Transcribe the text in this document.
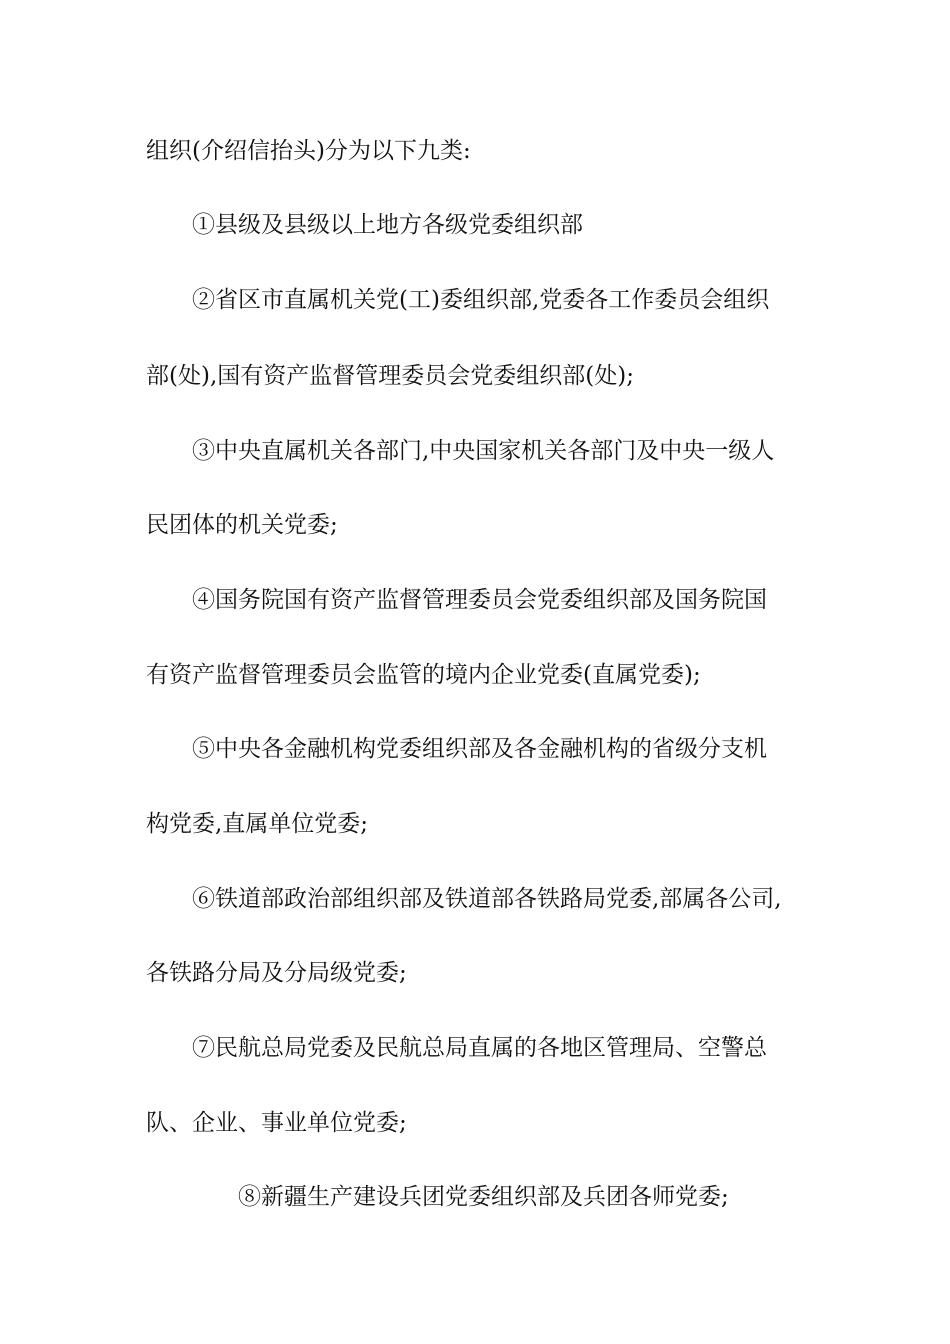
组织(介绍信抬头)分为以下九类:
①县级及县级以上地方各级党委组织部
②省区市直属机关党(工)委组织部,党委各工作委员会组织
部(处),国有资产监督管理委员会党委组织部(处);
③中央直属机关各部门,中央国家机关各部门及中央一级人
民团体的机关党委;
④国务院国有资产监督管理委员会党委组织部及国务院国
有资产监督管理委员会监管的境内企业党委(直属党委);
⑤中央各金融机构党委组织部及各金融机构的省级分支机
构党委,直属单位党委;
⑥铁道部政治部组织部及铁道部各铁路局党委,部属各公司,
各铁路分局及分局级党委;
⑦民航总局党委及民航总局直属的各地区管理局、空警总
队、企业、事业单位党委;
⑧新疆生产建设兵团党委组织部及兵团各师党委;
